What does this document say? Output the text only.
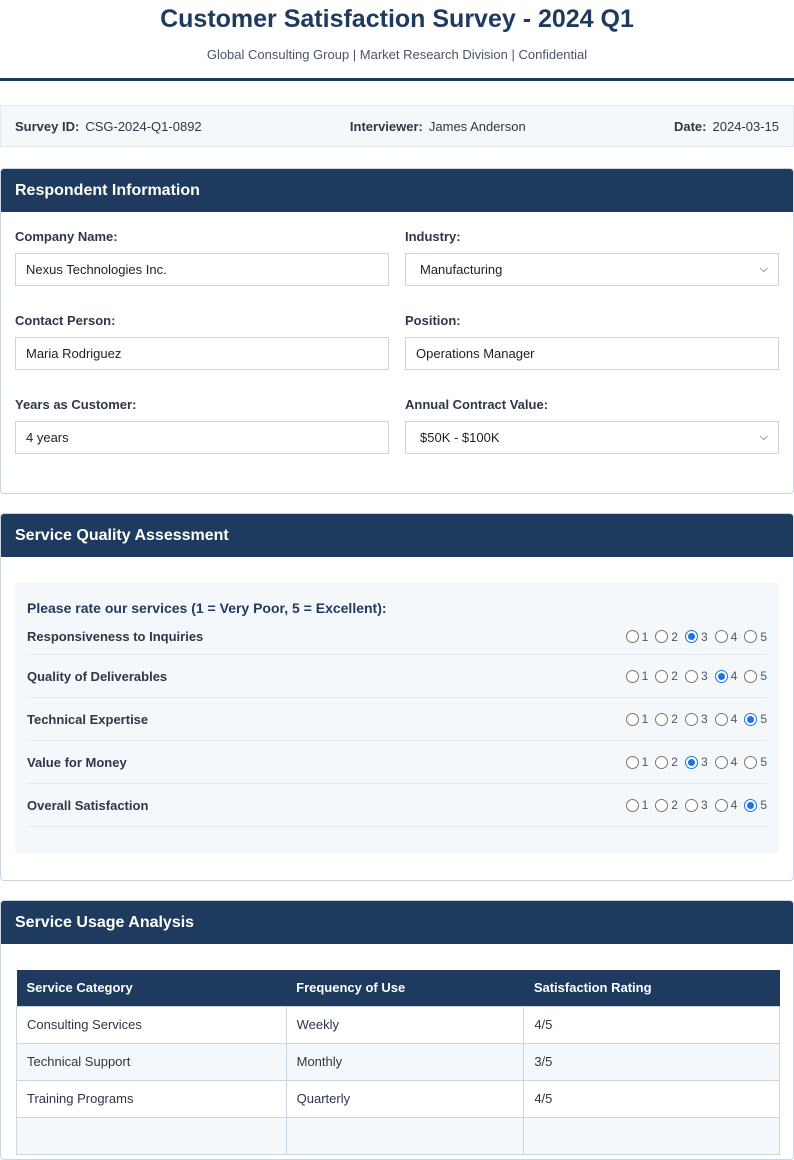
Customer Satisfaction Survey - 2024 Q1
Global Consulting Group | Market Research Division | Confidential
Survey ID: CSG-2024-Q1-0892	Interviewer: James Anderson	Date: 2024-03-15
Respondent Information
Company Name:
Nexus Technologies Inc.
Industry:
Manufacturing	⌵
Contact Person:
Maria Rodriguez
Position:
Operations Manager
Years as Customer:
4 years
Annual Contract Value:
$50K - $100K	⌵
Service Quality Assessment
Please rate our services (1 = Very Poor, 5 = Excellent):
Responsiveness to Inquiries	1 2 3 4 5
Quality of Deliverables	1 2 3 4 5
Technical Expertise	1 2 3 4 5
Value for Money	1 2 3 4 5
Overall Satisfaction	1 2 3 4 5
Service Usage Analysis
Service Category	Frequency of Use	Satisfaction Rating
Consulting Services	Weekly	4/5
Technical Support	Monthly	3/5
Training Programs	Quarterly	4/5
